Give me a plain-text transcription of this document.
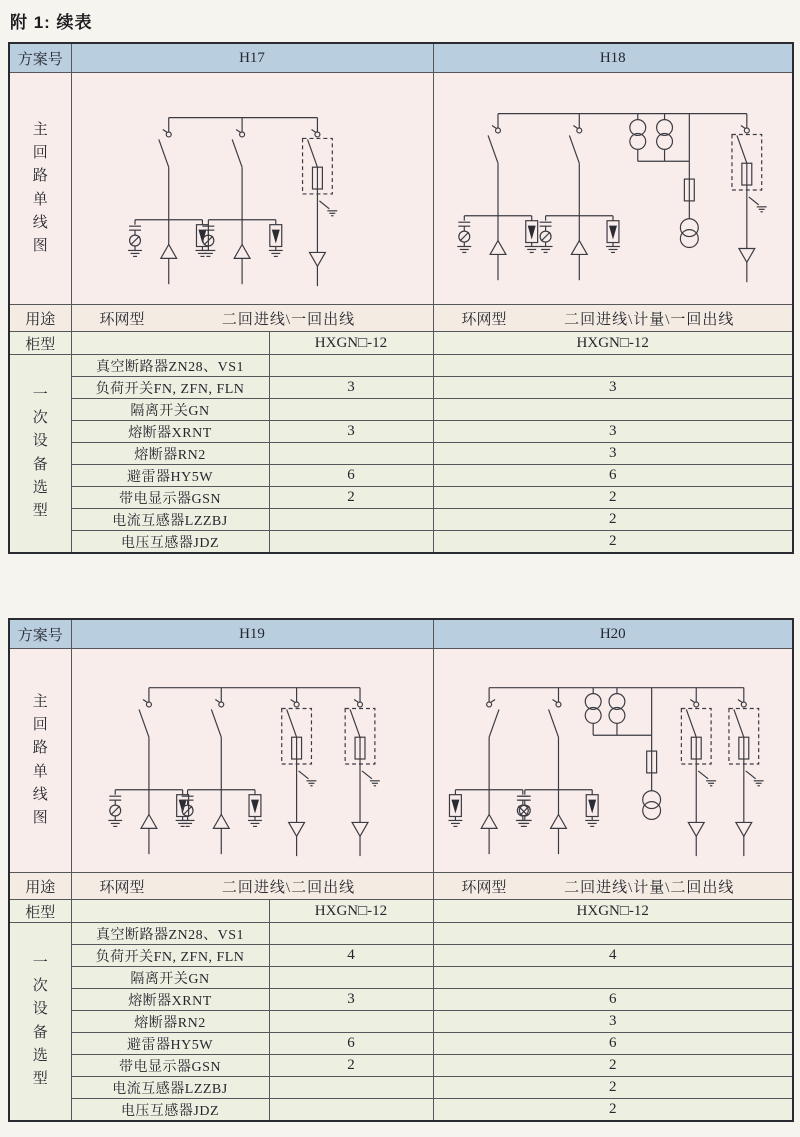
附 1: 续表
方案号	H17		H18

主回路单线图

用途	环网型 二回进线\一回出线		环网型 二回进线\计量\一回出线

柜型		HXGN□-12	HXGN□-12

一次设备选型	真空断路器ZN28、VS1		
	负荷开关FN, ZFN, FLN	3	3
	隔离开关GN		
	熔断器XRNT	3	3
	熔断器RN2		3
	避雷器HY5W	6	6
	带电显示器GSN	2	2
	电流互感器LZZBJ		2
	电压互感器JDZ		2
方案号	H19		H20

主回路单线图

用途	环网型 二回进线\二回出线		环网型 二回进线\计量\二回出线

柜型		HXGN□-12	HXGN□-12

一次设备选型	真空断路器ZN28、VS1		
	负荷开关FN, ZFN, FLN	4	4
	隔离开关GN		
	熔断器XRNT	3	6
	熔断器RN2		3
	避雷器HY5W	6	6
	带电显示器GSN	2	2
	电流互感器LZZBJ		2
	电压互感器JDZ		2
